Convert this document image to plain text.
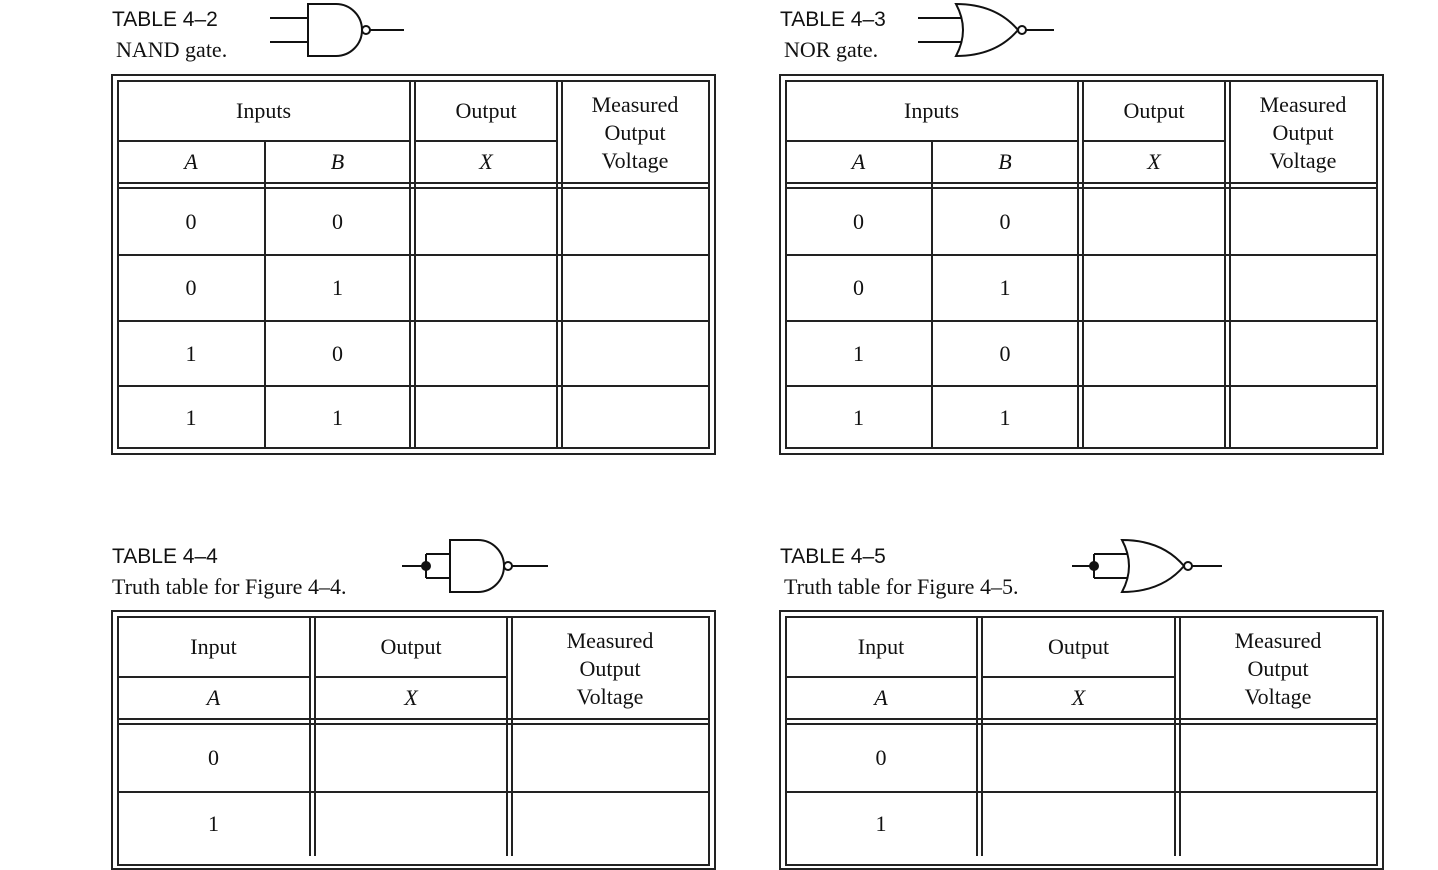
TABLE 4–2
NAND gate.
Inputs	Output	Measured Output Voltage
A	B	X
0	0
0	1
1	0
1	1
TABLE 4–3
NOR gate.
Inputs	Output	Measured Output Voltage
A	B	X
0	0
0	1
1	0
1	1
TABLE 4–4
Truth table for Figure 4–4.
Input	Output	Measured Output Voltage
A	X
0
1
TABLE 4–5
Truth table for Figure 4–5.
Input	Output	Measured Output Voltage
A	X
0
1
